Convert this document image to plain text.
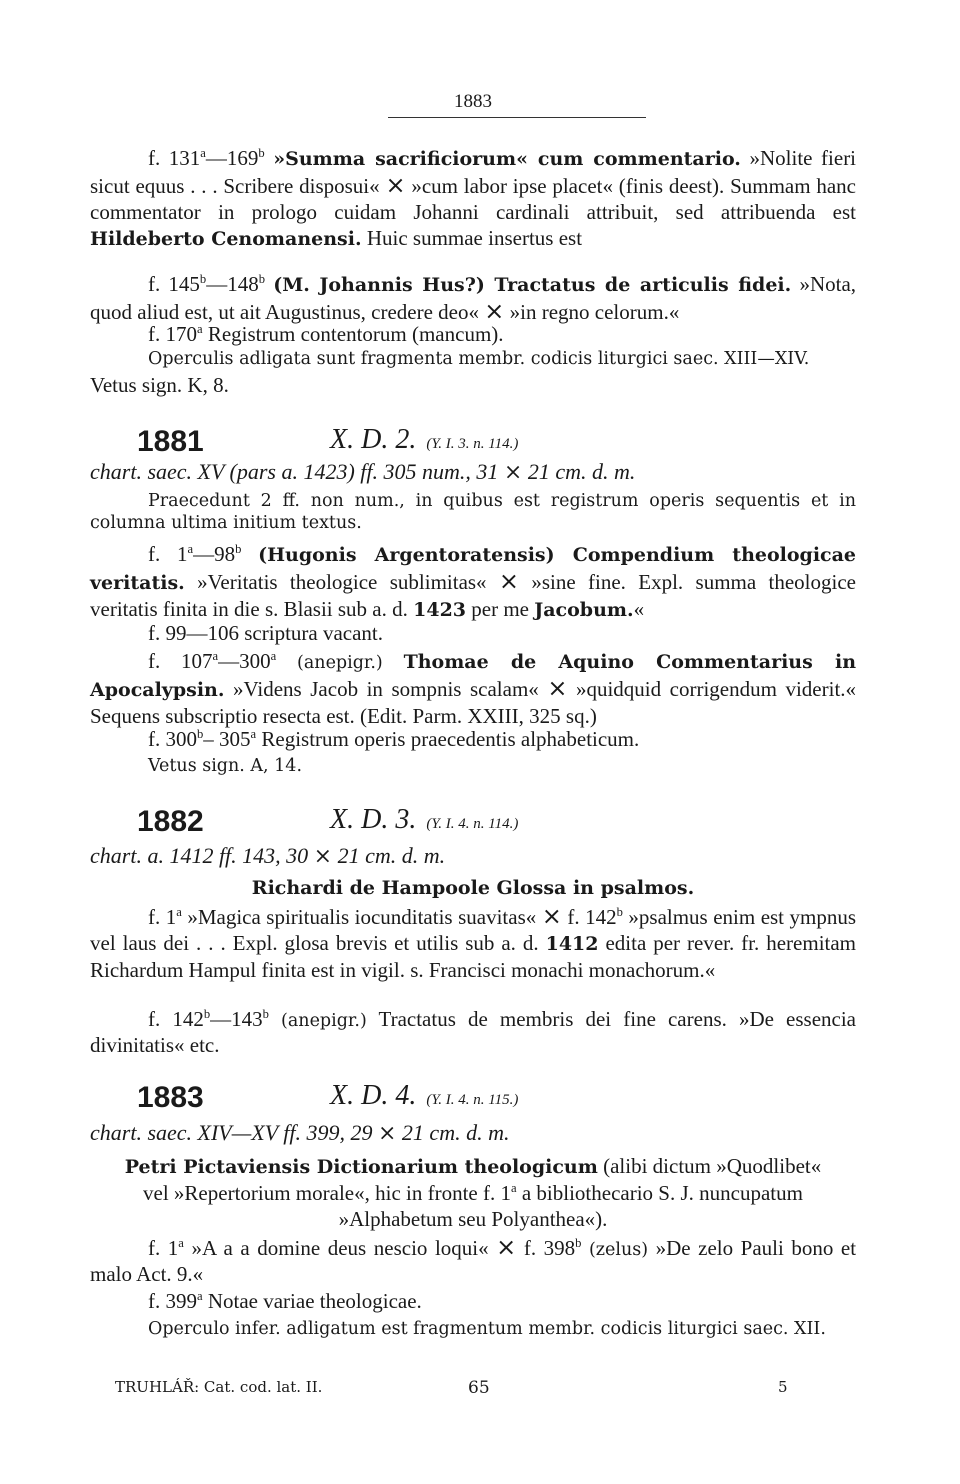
1883
f. 131$^a$—169$^b$ »Summa sacrificiorum« cum commentario. »Nolite fieri sicut equus . . . Scribere disposui« ⨯ »cum labor ipse placet« (finis deest). Summam hanc commentator in prologo cuidam Johanni cardinali attribuit, sed attribuenda est Hildeberto Cenomanensi. Huic summae insertus est
f. 145$^b$—148$^b$ (M. Johannis Hus?) Tractatus de articulis fidei. »Nota, quod aliud est, ut ait Augustinus, credere deo« ⨯ »in regno celorum.«
f. 170$^a$ Registrum contentorum (mancum).
Operculis adligata sunt fragmenta membr. codicis liturgici saec. XIII—XIV.
Vetus sign. K, 8.
1881	X. D. 2. (Y. I. 3. n. 114.)
chart. saec. XV (pars a. 1423) ff. 305 num., 31 ⨯ 21 cm. d. m.
Praecedunt 2 ff. non num., in quibus est registrum operis sequentis et in columna ultima initium textus.
f. 1$^a$—98$^b$ (Hugonis Argentoratensis) Compendium theologicae veritatis. »Veritatis theologice sublimitas« ⨯ »sine fine. Expl. summa theologice veritatis finita in die s. Blasii sub a. d. 1423 per me Jacobum.«
f. 99—106 scriptura vacant.
f. 107$^a$—300$^a$ (anepigr.) Thomae de Aquino Commentarius in Apocalypsin. »Videns Jacob in sompnis scalam« ⨯ »quidquid corrigendum viderit.« Sequens subscriptio resecta est. (Edit. Parm. XXIII, 325 sq.)
f. 300$^b$– 305$^a$ Registrum operis praecedentis alphabeticum.
Vetus sign. A, 14.
1882	X. D. 3. (Y. I. 4. n. 114.)
chart. a. 1412 ff. 143, 30 ⨯ 21 cm. d. m.
Richardi de Hampoole Glossa in psalmos.
f. 1$^a$ »Magica spiritualis iocunditatis suavitas« ⨯ f. 142$^b$ »psalmus enim est ympnus vel laus dei . . . Expl. glosa brevis et utilis sub a. d. 1412 edita per rever. fr. heremitam Richardum Hampul finita est in vigil. s. Francisci monachi monachorum.«
f. 142$^b$—143$^b$ (anepigr.) Tractatus de membris dei fine carens. »De essencia divinitatis« etc.
1883	X. D. 4. (Y. I. 4. n. 115.)
chart. saec. XIV—XV ff. 399, 29 ⨯ 21 cm. d. m.
Petri Pictaviensis Dictionarium theologicum (alibi dictum »Quodlibet« vel »Repertorium morale«, hic in fronte f. 1$^a$ a bibliothecario S. J. nuncupatum »Alphabetum seu Polyanthea«).
f. 1$^a$ »A a a domine deus nescio loqui« ⨯ f. 398$^b$ (zelus) »De zelo Pauli bono et malo Act. 9.«
f. 399$^a$ Notae variae theologicae.
Operculo infer. adligatum est fragmentum membr. codicis liturgici saec. XII.
TRUHLÁŘ: Cat. cod. lat. II.	65	5
